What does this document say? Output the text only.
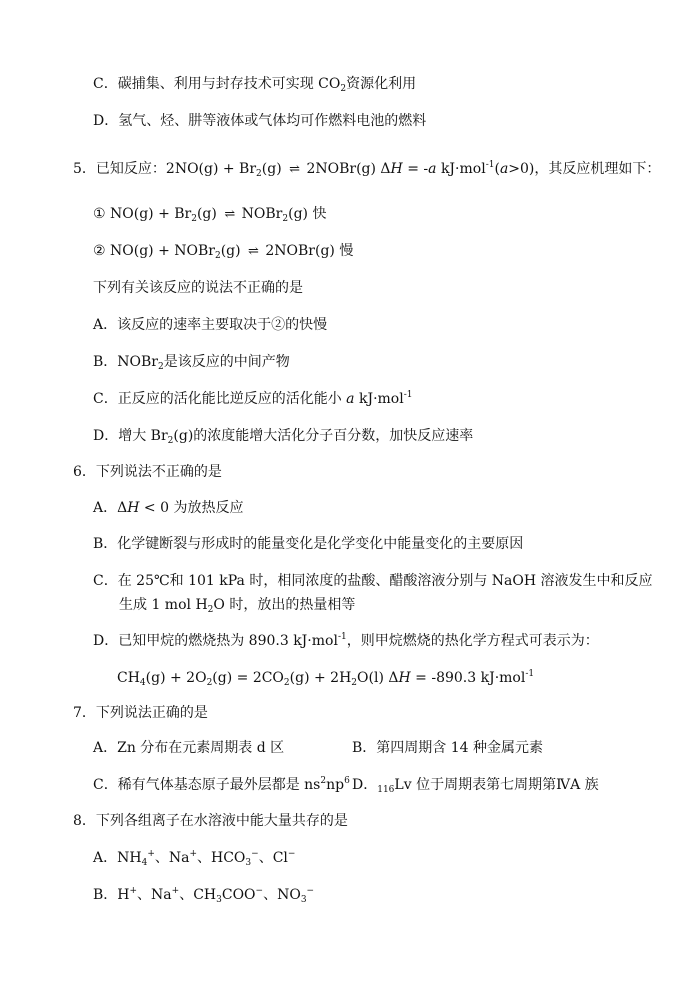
C．碳捕集、利用与封存技术可实现 $CO_2$资源化利用
D．氢气、烃、肼等液体或气体均可作燃料电池的燃料
5．已知反应：$2NO(g) + Br_2(g)$ ⇌ 2NOBr(g) ΔH = -a kJ·mol$^{-1}$(a>0)，其反应机理如下：
① $NO(g) + Br_2(g)$ ⇌ NOBr$_2$(g) 快
② NO(g) + NOBr$_2$(g) ⇌ 2NOBr(g) 慢
下列有关该反应的说法不正确的是
A．该反应的速率主要取决于②的快慢
B．NOBr$_2$是该反应的中间产物
C．正反应的活化能比逆反应的活化能小 a kJ·mol$^{-1}$
D．增大 $Br_2(g)$的浓度能增大活化分子百分数，加快反应速率
6．下列说法不正确的是
A．ΔH < 0 为放热反应
B．化学键断裂与形成时的能量变化是化学变化中能量变化的主要原因
C．在 25℃和 101 kPa 时，相同浓度的盐酸、醋酸溶液分别与 NaOH 溶液发生中和反应
生成 1 mol $H_2O$ 时，放出的热量相等
D．已知甲烷的燃烧热为 890.3 kJ·mol$^{-1}$，则甲烷燃烧的热化学方程式可表示为：
$CH_4(g) + 2O_2(g) = 2CO_2(g) + 2H_2O(l) \Delta H = -890.3$ kJ·mol$^{-1}$
7．下列说法正确的是
A．Zn 分布在元素周期表 d 区	B．第四周期含 14 种金属元素
C．稀有气体基态原子最外层都是 $ns^2np^6$ D．$_{116}$Lv 位于周期表第七周期第ⅣA 族
8．下列各组离子在水溶液中能大量共存的是
A．$NH_4^+$、Na+、$HCO_3^-$、Cl−
B．H+、Na+、$CH_3COO^-$、$NO_3^-$
